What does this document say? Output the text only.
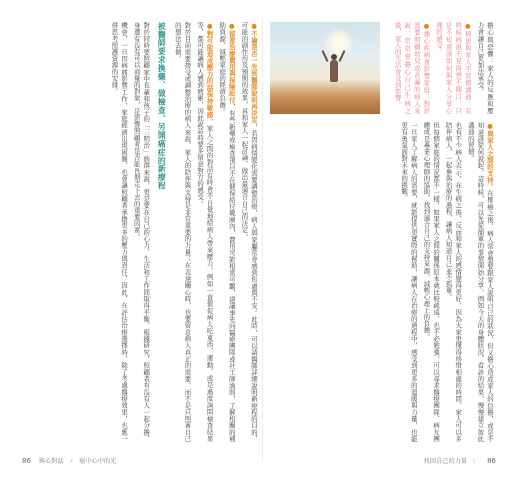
●不論是否一先到醫師說明再決定，若因病情變化需要調整治療，病人與家屬常會感到焦慮與不安。此時，可以請醫師詳細說明新療程的目的、可能的副作用及預期的效果，再和家人一起討論，做出最適合自己的決定。

●留意治療費用與保險給付，有些新藥或檢查項目不在健保給付範圍內，費用可能相當可觀，建議事先向醫療團隊或社工師詢問，了解相關的補助資源，減輕家庭的經濟負擔。

●對可能造成壓力的話保持敏感，家人之間的對話有時會不自覺地給病人帶來壓力，例如一直催促病人吃東西、運動，或是過度詢問檢查結果等，都可能讓病人感到疲累，因此說話時要多留意對方的感受。

對於目前需要接受或調整治療的病人來說，家人的陪伴與支持是非常重要的力量；在表達關心時，也要留意病人真正的需要，而不是只照著自己的想法去做。

被醫師要求換藥、做檢查、另開癌症的新療程

對於同時要照顧家中長輩和孩子的「三明治」族群來說，更是要在自己的心力、生活和工作間取得平衡。根據研究，照顧者有沒有人一起分擔、身邊有沒有可以商量的對象，是影響照顧者是否能長期走下去的重要因素。

機會，一旦因病痛影響工作，家庭經濟出現困難，也會讓照顧者承擔更多的壓力與責任，因此，在評估治療選擇時，除了考慮醫療效果，也應一併思考照護資源的安排。	擔心與恐懼：家人的反應和壓力會讓自己更加法承受。

●病患與家人不習慣溝通：有時候病患不見得想不開口，只是不知道該如何與家人分享心裡的感受。

●擔心疾病會影響家庭：對於需要照顧幼兒或長輩的病人來說，常常會擔心自己生病之後，家人的生活會受到影響。

●與家人之間的支持。在罹癌之後，病人常會想要跟家人說明自己的狀況，但又擔心造成家人的負擔，或是不知道該從何說起。這時候，可以先從簡單的事情開始分享，例如今天的身體狀況、看診的結果，慢慢建立彼此溝通的習慣。

也有不少病人表示，在生病之後，反而和家人的感情變得更好，因為大家更懂得珍惜相處的時間。家人可以多陪伴病人，一起參與治療的過程，讓病人知道自己並不孤單。

但每個家庭的情況都不一樣，如果家人之間的關係原本就比較疏遠，也不必勉強，可以尋求醫療團隊、病友團體或是專業心理師的協助，找到適合自己的支持來源，減輕心理上的負擔。

一旦家人了解病人的需要，就能提供更實際的幫助，讓病人在治療的過程中，感受到更多的溫暖與力量，也能更有勇氣面對未來的挑戰。

86 與心對話 • 癌中心中的光	找回自己的力量 | 86
